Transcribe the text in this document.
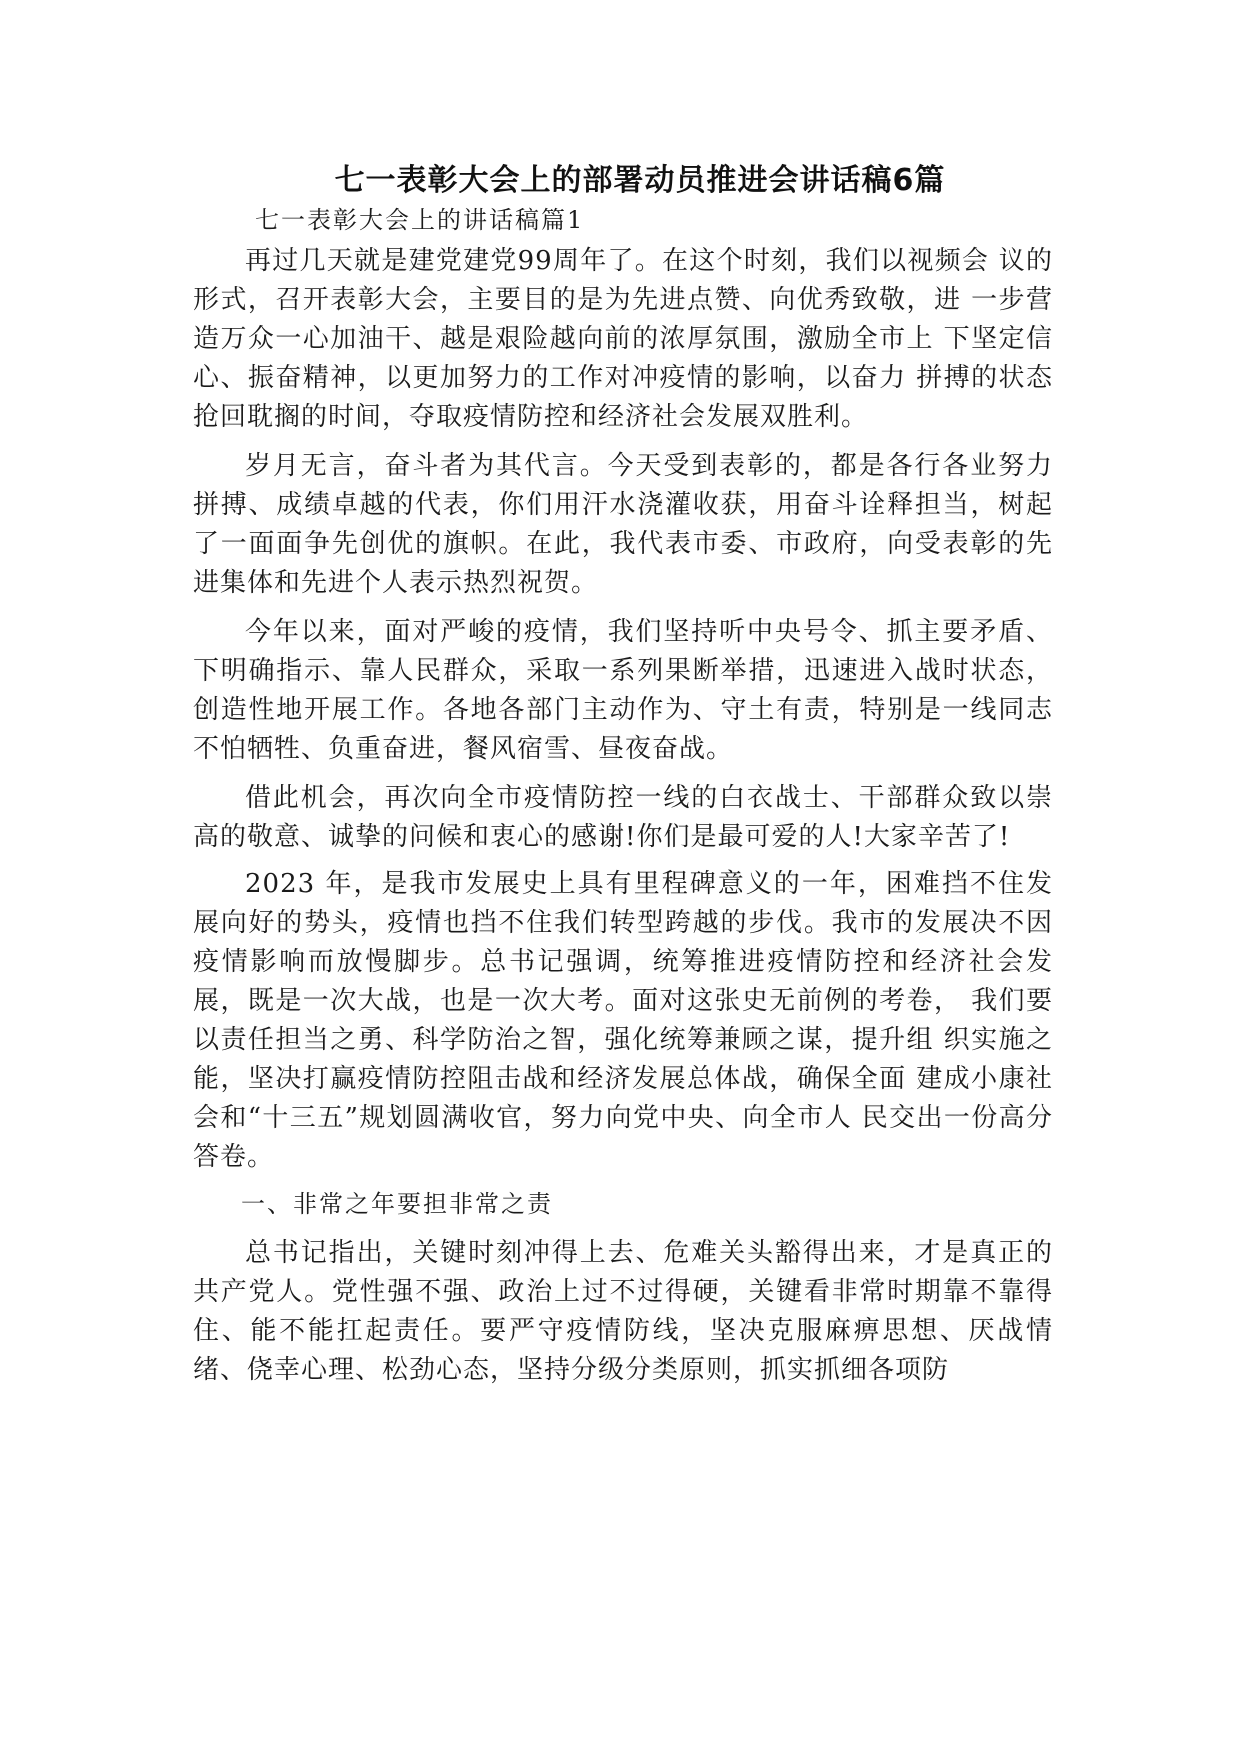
七一表彰大会上的部署动员推进会讲话稿6篇
七一表彰大会上的讲话稿篇1

再过几天就是建党建党99周年了。在这个时刻，我们以视频会 议的形式，召开表彰大会，主要目的是为先进点赞、向优秀致敬，进 一步营造万众一心加油干、越是艰险越向前的浓厚氛围，激励全市上 下坚定信心、振奋精神，以更加努力的工作对冲疫情的影响，以奋力 拼搏的状态抢回耽搁的时间，夺取疫情防控和经济社会发展双胜利。

岁月无言，奋斗者为其代言。今天受到表彰的，都是各行各业努力拼搏、成绩卓越的代表，你们用汗水浇灌收获，用奋斗诠释担当，树起了一面面争先创优的旗帜。在此，我代表市委、市政府，向受表彰的先进集体和先进个人表示热烈祝贺。

今年以来，面对严峻的疫情，我们坚持听中央号令、抓主要矛盾、下明确指示、靠人民群众，采取一系列果断举措，迅速进入战时状态，创造性地开展工作。各地各部门主动作为、守土有责，特别是一线同志不怕牺牲、负重奋进，餐风宿雪、昼夜奋战。

借此机会，再次向全市疫情防控一线的白衣战士、干部群众致以崇高的敬意、诚挚的问候和衷心的感谢!你们是最可爱的人!大家辛苦了!

2023 年，是我市发展史上具有里程碑意义的一年，困难挡不住发展向好的势头，疫情也挡不住我们转型跨越的步伐。我市的发展决不因疫情影响而放慢脚步。总书记强调，统筹推进疫情防控和经济社会发展，既是一次大战，也是一次大考。面对这张史无前例的考卷， 我们要以责任担当之勇、科学防治之智，强化统筹兼顾之谋，提升组 织实施之能，坚决打赢疫情防控阻击战和经济发展总体战，确保全面 建成小康社会和“十三五”规划圆满收官，努力向党中央、向全市人 民交出一份高分答卷。

一、非常之年要担非常之责

总书记指出，关键时刻冲得上去、危难关头豁得出来，才是真正的共产党人。党性强不强、政治上过不过得硬，关键看非常时期靠不靠得住、能不能扛起责任。要严守疫情防线，坚决克服麻痹思想、厌战情绪、侥幸心理、松劲心态，坚持分级分类原则，抓实抓细各项防
